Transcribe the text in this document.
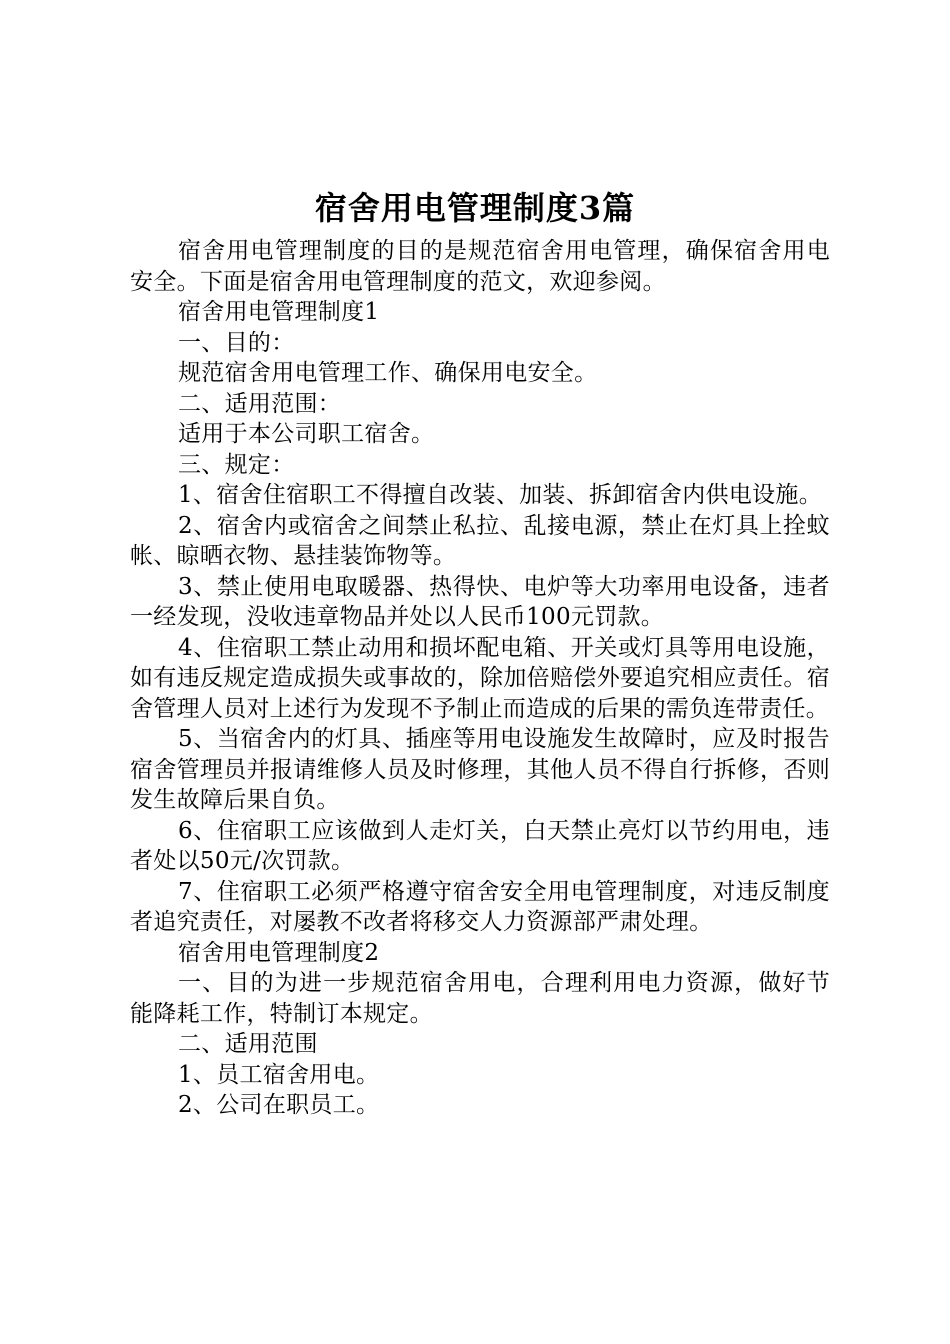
宿舍用电管理制度3篇

宿舍用电管理制度的目的是规范宿舍用电管理，确保宿舍用电安全。下面是宿舍用电管理制度的范文，欢迎参阅。

宿舍用电管理制度1

一、目的：

规范宿舍用电管理工作、确保用电安全。

二、适用范围：

适用于本公司职工宿舍。

三、规定：

1、宿舍住宿职工不得擅自改装、加装、拆卸宿舍内供电设施。

2、宿舍内或宿舍之间禁止私拉、乱接电源，禁止在灯具上拴蚊帐、晾晒衣物、悬挂装饰物等。

3、禁止使用电取暖器、热得快、电炉等大功率用电设备，违者一经发现，没收违章物品并处以人民币100元罚款。

4、住宿职工禁止动用和损坏配电箱、开关或灯具等用电设施，如有违反规定造成损失或事故的，除加倍赔偿外要追究相应责任。宿舍管理人员对上述行为发现不予制止而造成的后果的需负连带责任。

5、当宿舍内的灯具、插座等用电设施发生故障时，应及时报告宿舍管理员并报请维修人员及时修理，其他人员不得自行拆修，否则发生故障后果自负。

6、住宿职工应该做到人走灯关，白天禁止亮灯以节约用电，违者处以50元/次罚款。

7、住宿职工必须严格遵守宿舍安全用电管理制度，对违反制度者追究责任，对屡教不改者将移交人力资源部严肃处理。

宿舍用电管理制度2

一、目的为进一步规范宿舍用电，合理利用电力资源，做好节能降耗工作，特制订本规定。

二、适用范围

1、员工宿舍用电。

2、公司在职员工。
